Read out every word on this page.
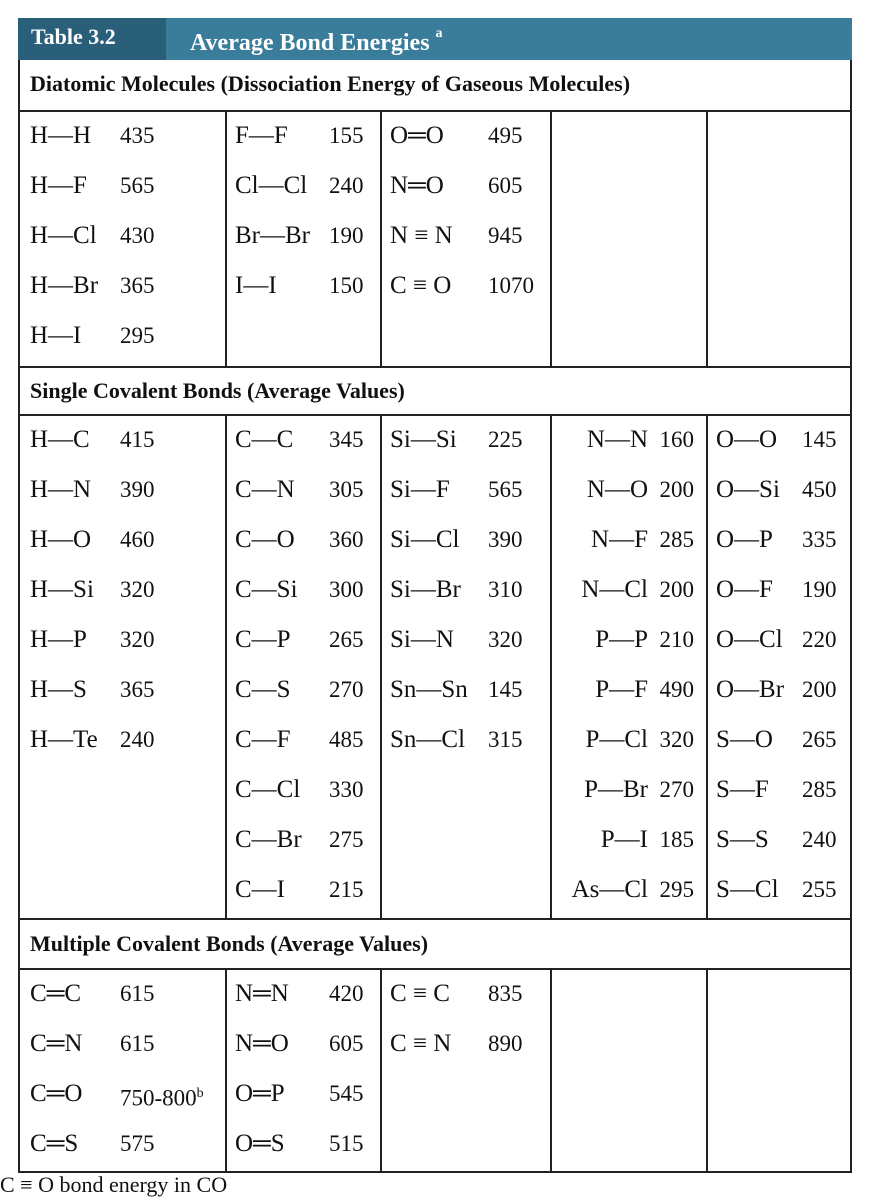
Table 3.2	Average Bond Energies $^a$
Diatomic Molecules (Dissociation Energy of Gaseous Molecules)
H—H 435
H—F 565
H—Cl 430
H—Br 365
H—I 295
F—F 155
Cl—Cl 240
Br—Br 190
I—I 150
O═O 495
N═O 605
N ≡ N 945
C ≡ O 1070
Single Covalent Bonds (Average Values)
H—C 415
H—N 390
H—O 460
H—Si 320
H—P 320
H—S 365
H—Te 240
C—C 345
C—N 305
C—O 360
C—Si 300
C—P 265
C—S 270
C—F 485
C—Cl 330
C—Br 275
C—I 215
Si—Si 225
Si—F 565
Si—Cl 390
Si—Br 310
Si—N 320
Sn—Sn 145
Sn—Cl 315
N—N 160
N—O 200
N—F 285
N—Cl 200
P—P 210
P—F 490
P—Cl 320
P—Br 270
P—I 185
As—Cl 295
O—O 145
O—Si 450
O—P 335
O—F 190
O—Cl 220
O—Br 200
S—O 265
S—F 285
S—S 240
S—Cl 255
Multiple Covalent Bonds (Average Values)
C═C 615
C═N 615
C═O 750-800$^b$
C═S 575
N═N 420
N═O 605
O═P 545
O═S 515
C ≡ C 835
C ≡ N 890
C ≡ O bond energy in CO
